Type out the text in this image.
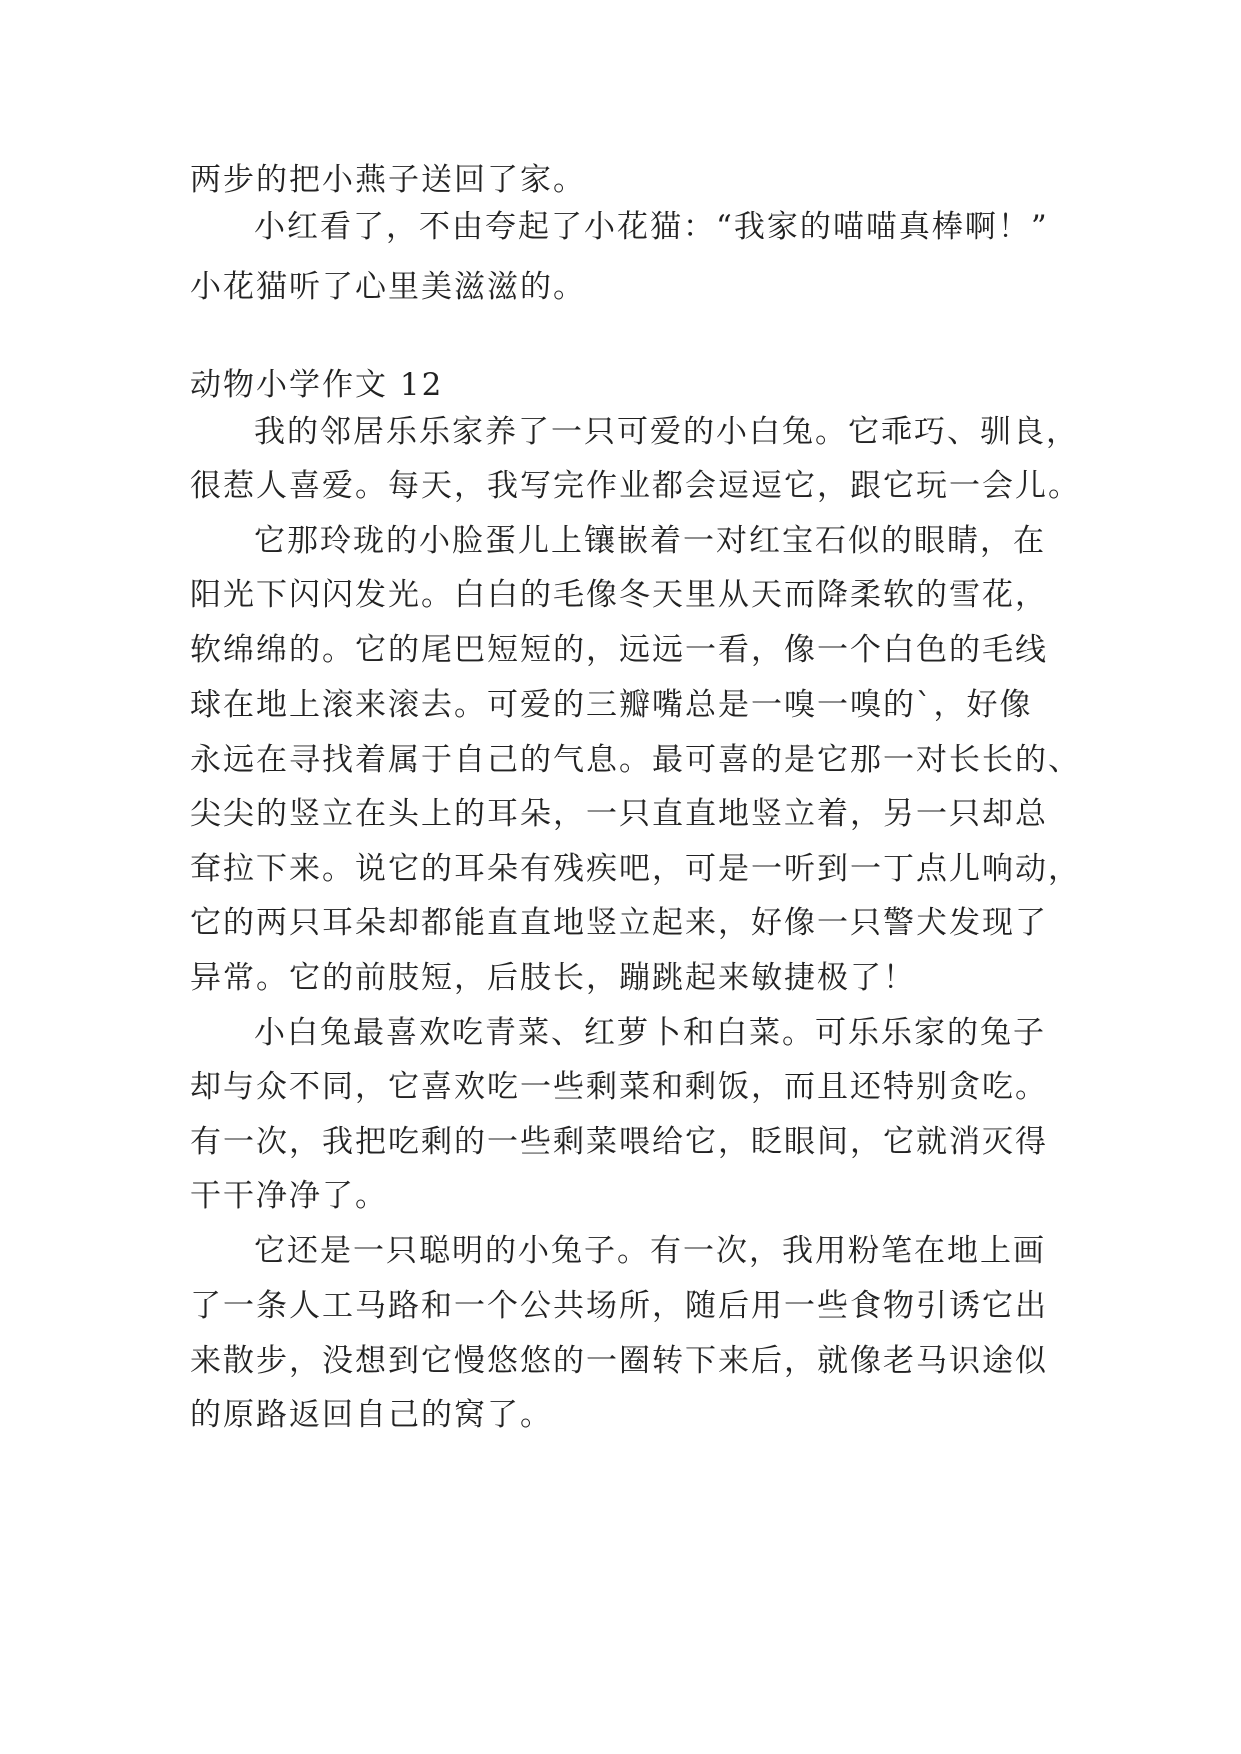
两步的把小燕子送回了家。
小红看了，不由夸起了小花猫：“我家的喵喵真棒啊！”
小花猫听了心里美滋滋的。
动物小学作文 12
我的邻居乐乐家养了一只可爱的小白兔。它乖巧、驯良，
很惹人喜爱。每天，我写完作业都会逗逗它，跟它玩一会儿。
它那玲珑的小脸蛋儿上镶嵌着一对红宝石似的眼睛，在
阳光下闪闪发光。白白的毛像冬天里从天而降柔软的雪花，
软绵绵的。它的尾巴短短的，远远一看，像一个白色的毛线
球在地上滚来滚去。可爱的三瓣嘴总是一嗅一嗅的`，好像
永远在寻找着属于自己的气息。最可喜的是它那一对长长的、
尖尖的竖立在头上的耳朵，一只直直地竖立着，另一只却总
耷拉下来。说它的耳朵有残疾吧，可是一听到一丁点儿响动，
它的两只耳朵却都能直直地竖立起来，好像一只警犬发现了
异常。它的前肢短，后肢长，蹦跳起来敏捷极了！
小白兔最喜欢吃青菜、红萝卜和白菜。可乐乐家的兔子
却与众不同，它喜欢吃一些剩菜和剩饭，而且还特别贪吃。
有一次，我把吃剩的一些剩菜喂给它，眨眼间，它就消灭得
干干净净了。
它还是一只聪明的小兔子。有一次，我用粉笔在地上画
了一条人工马路和一个公共场所，随后用一些食物引诱它出
来散步，没想到它慢悠悠的一圈转下来后，就像老马识途似
的原路返回自己的窝了。
